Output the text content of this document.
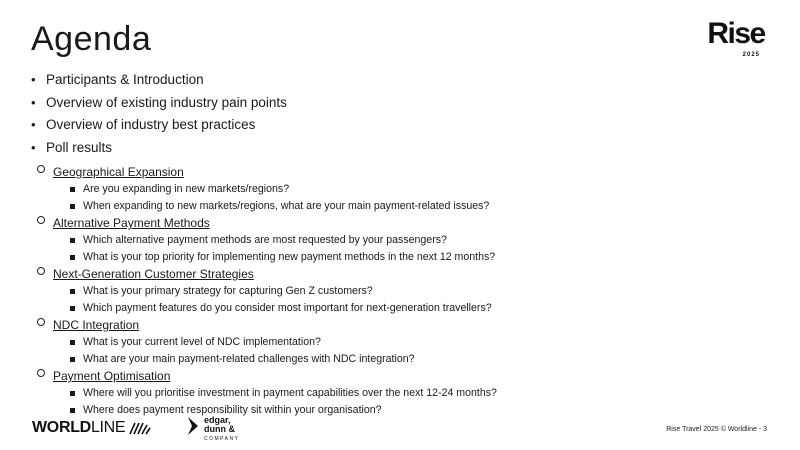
Agenda	Rise
2025
• Participants & Introduction
• Overview of existing industry pain points
• Overview of industry best practices
• Poll results
Geographical Expansion
Are you expanding in new markets/regions?
When expanding to new markets/regions, what are your main payment-related issues?
Alternative Payment Methods
Which alternative payment methods are most requested by your passengers?
What is your top priority for implementing new payment methods in the next 12 months?
Next-Generation Customer Strategies
What is your primary strategy for capturing Gen Z customers?
Which payment features do you consider most important for next-generation travellers?
NDC Integration
What is your current level of NDC implementation?
What are your main payment-related challenges with NDC integration?
Payment Optimisation
Where will you prioritise investment in payment capabilities over the next 12-24 months?
Where does payment responsibility sit within your organisation?
WORLDLINE	edgar,
dunn &
COMPANY
Rise Travel 2025 © Worldline - 3
